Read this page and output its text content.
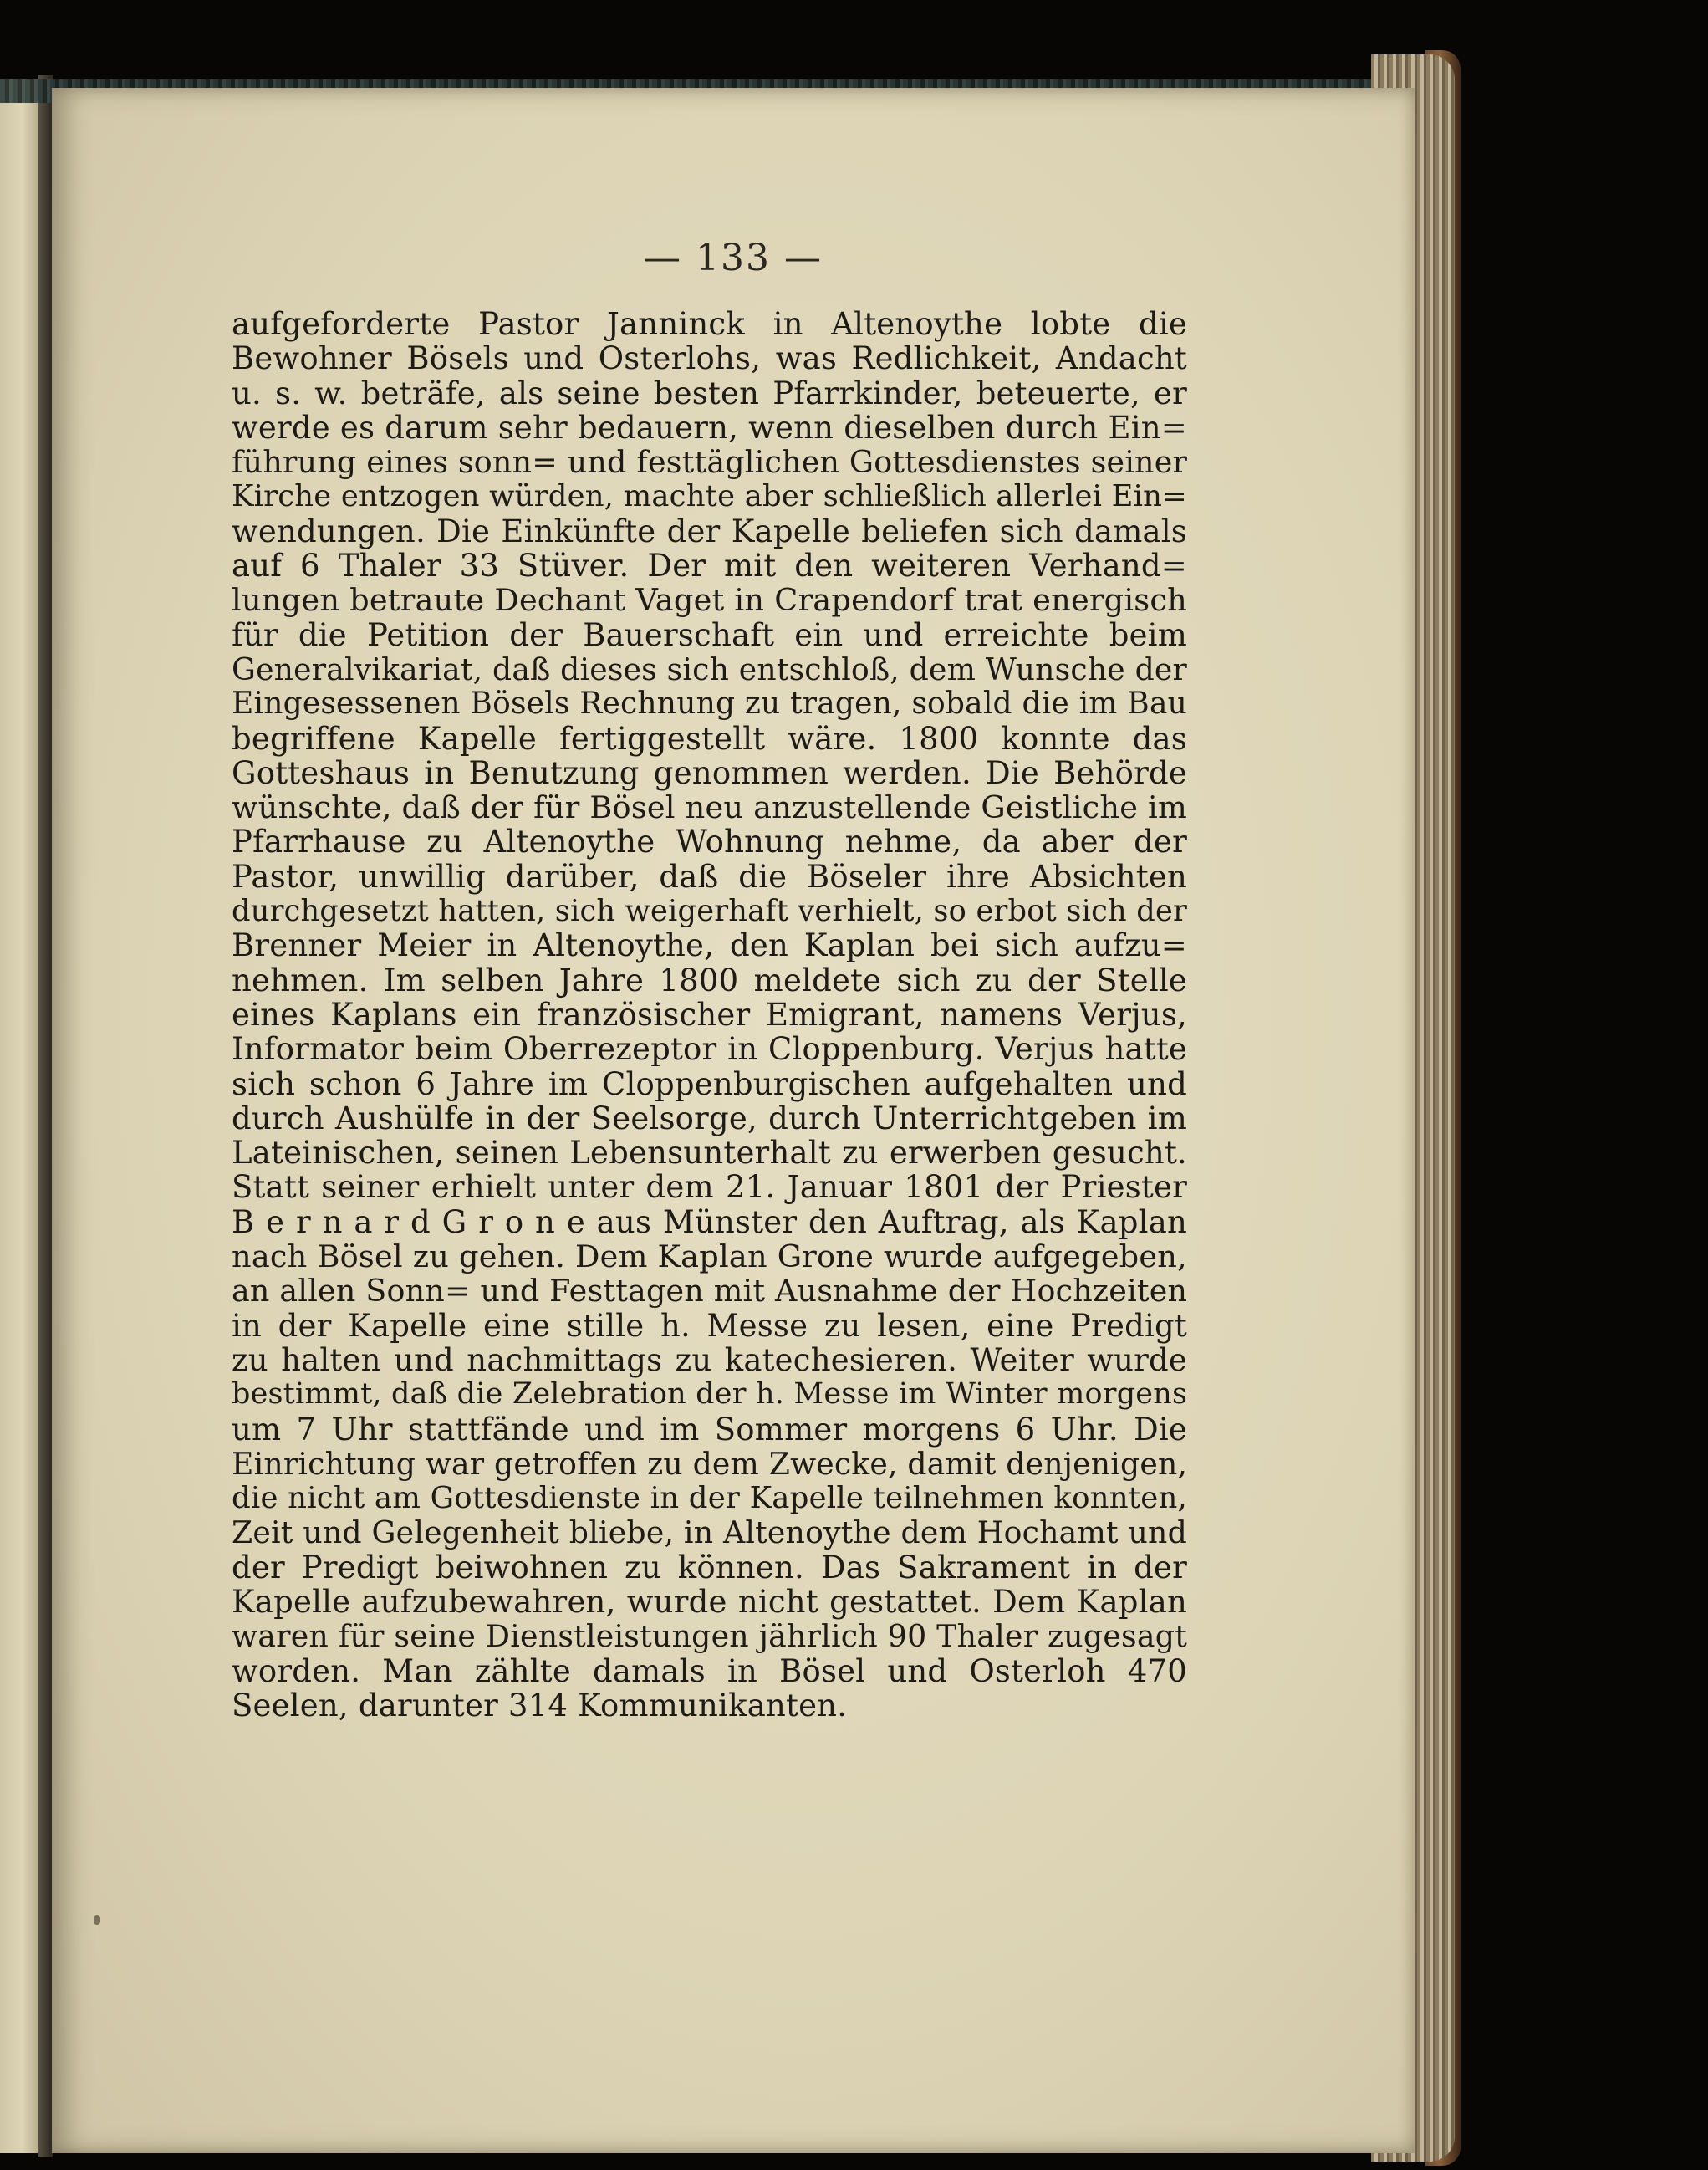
— 133 —
aufgeforderte Pastor Janninck in Altenoythe lobte die
Bewohner Bösels und Osterlohs, was Redlichkeit, Andacht
u. s. w. beträfe, als seine besten Pfarrkinder, beteuerte, er
werde es darum sehr bedauern, wenn dieselben durch Ein=
führung eines sonn= und festtäglichen Gottesdienstes seiner
Kirche entzogen würden, machte aber schließlich allerlei Ein=
wendungen. Die Einkünfte der Kapelle beliefen sich damals
auf 6 Thaler 33 Stüver. Der mit den weiteren Verhand=
lungen betraute Dechant Vaget in Crapendorf trat energisch
für die Petition der Bauerschaft ein und erreichte beim
Generalvikariat, daß dieses sich entschloß, dem Wunsche der
Eingesessenen Bösels Rechnung zu tragen, sobald die im Bau
begriffene Kapelle fertiggestellt wäre. 1800 konnte das
Gotteshaus in Benutzung genommen werden. Die Behörde
wünschte, daß der für Bösel neu anzustellende Geistliche im
Pfarrhause zu Altenoythe Wohnung nehme, da aber der
Pastor, unwillig darüber, daß die Böseler ihre Absichten
durchgesetzt hatten, sich weigerhaft verhielt, so erbot sich der
Brenner Meier in Altenoythe, den Kaplan bei sich aufzu=
nehmen. Im selben Jahre 1800 meldete sich zu der Stelle
eines Kaplans ein französischer Emigrant, namens Verjus,
Informator beim Oberrezeptor in Cloppenburg. Verjus hatte
sich schon 6 Jahre im Cloppenburgischen aufgehalten und
durch Aushülfe in der Seelsorge, durch Unterrichtgeben im
Lateinischen, seinen Lebensunterhalt zu erwerben gesucht.
Statt seiner erhielt unter dem 21. Januar 1801 der Priester
B e r n a r d G r o n e aus Münster den Auftrag, als Kaplan
nach Bösel zu gehen. Dem Kaplan Grone wurde aufgegeben,
an allen Sonn= und Festtagen mit Ausnahme der Hochzeiten
in der Kapelle eine stille h. Messe zu lesen, eine Predigt
zu halten und nachmittags zu katechesieren. Weiter wurde
bestimmt, daß die Zelebration der h. Messe im Winter morgens
um 7 Uhr stattfände und im Sommer morgens 6 Uhr. Die
Einrichtung war getroffen zu dem Zwecke, damit denjenigen,
die nicht am Gottesdienste in der Kapelle teilnehmen konnten,
Zeit und Gelegenheit bliebe, in Altenoythe dem Hochamt und
der Predigt beiwohnen zu können. Das Sakrament in der
Kapelle aufzubewahren, wurde nicht gestattet. Dem Kaplan
waren für seine Dienstleistungen jährlich 90 Thaler zugesagt
worden. Man zählte damals in Bösel und Osterloh 470
Seelen, darunter 314 Kommunikanten.
